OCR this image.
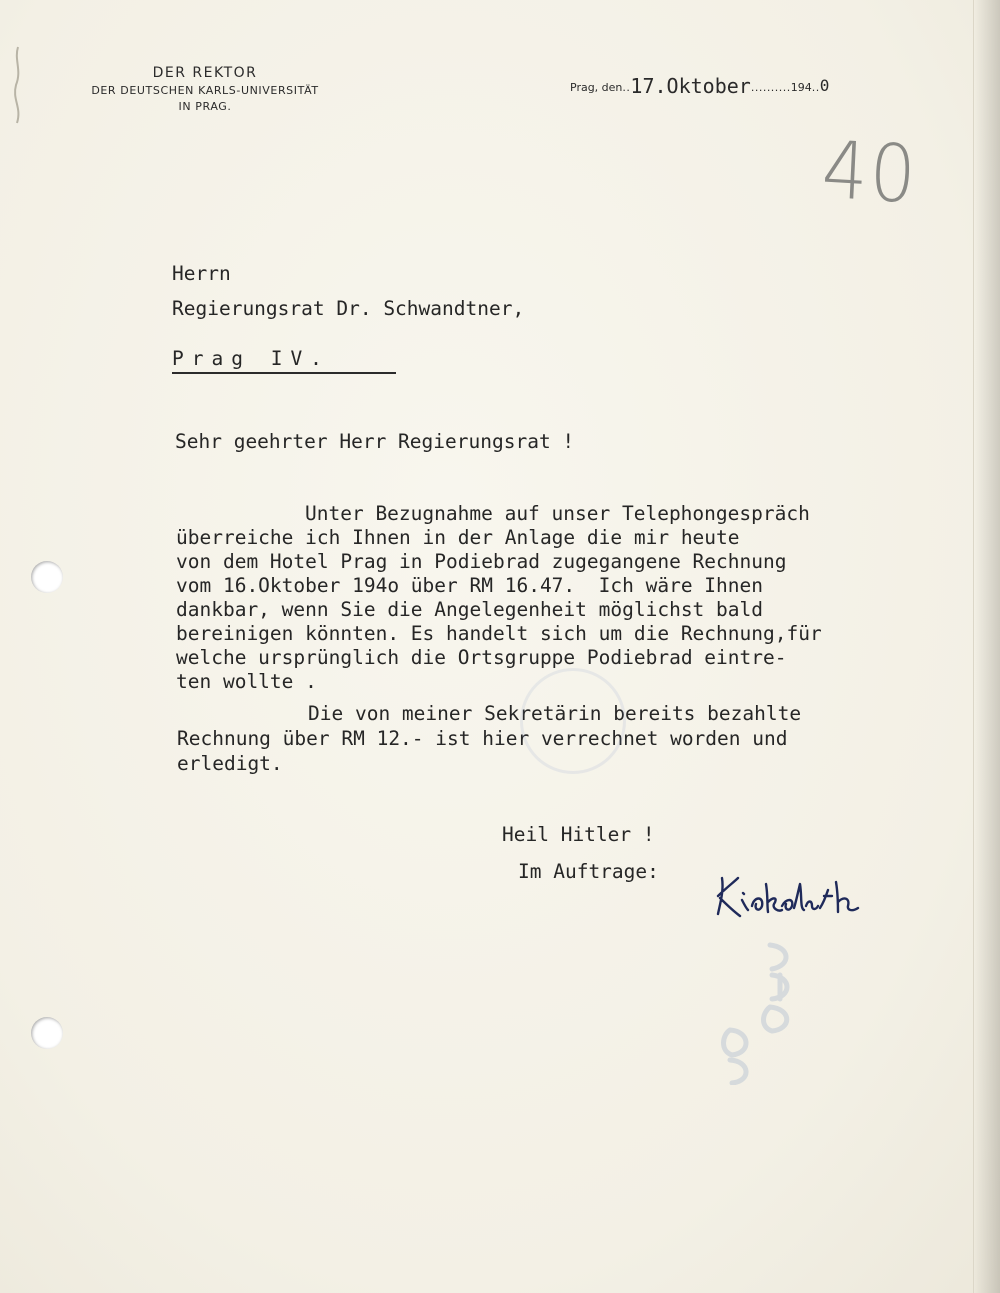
DER REKTOR
DER DEUTSCHEN KARLS-UNIVERSITÄT
IN PRAG.
Prag, den..17.Oktober..........194..0
40
Herrn
Regierungsrat Dr. Schwandtner,
Prag IV.
Sehr geehrter Herr Regierungsrat !
Unter Bezugnahme auf unser Telephongespräch
überreiche ich Ihnen in der Anlage die mir heute
von dem Hotel Prag in Podiebrad zugegangene Rechnung
vom 16.Oktober 194o über RM 16.47.  Ich wäre Ihnen
dankbar, wenn Sie die Angelegenheit möglichst bald
bereinigen könnten. Es handelt sich um die Rechnung,für
welche ursprünglich die Ortsgruppe Podiebrad eintre-
ten wollte .
Die von meiner Sekretärin bereits bezahlte
Rechnung über RM 12.- ist hier verrechnet worden und
erledigt.
Heil Hitler !
Im Auftrage:
